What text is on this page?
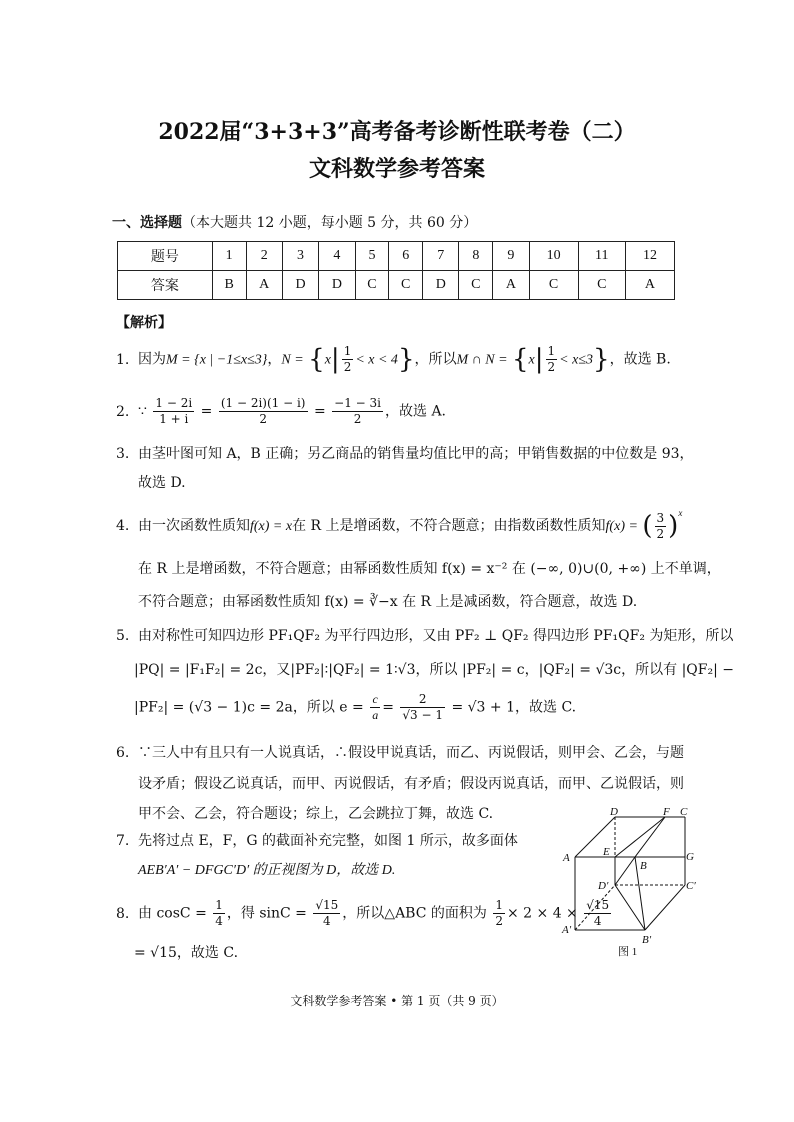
2022届“3+3+3”高考备考诊断性联考卷（二）
文科数学参考答案
一、选择题（本大题共 12 小题，每小题 5 分，共 60 分）
题号	1	2	3	4	5	6	7	8	9	10	11	12
答案	B	A	D	D	C	C	D	C	A	C	C	A
【解析】
1. 因为M = {x | −1≤x≤3}，$N = \{x| \frac{1}{2} < x < 4\}$，所以M ∩ $N = \{x| \frac{1}{2} < x\le 3\}$，故选 B.
2. ∵ $\frac{1 - 2i}{1 + i} = \frac{(1 - 2i)(1 - i)}{2} = \frac{-1 - 3i}{2}$ ，故选 A.
3. 由茎叶图可知 A，B 正确；另乙商品的销售量均值比甲的高；甲销售数据的中位数是 93，
故选 D.
4. 由一次函数性质知f(x) = x在 R 上是增函数，不符合题意；由指数函数性质知f(x) = ( $\frac{3}{2} )^x$
在 R 上是增函数，不符合题意；由幂函数性质知 f(x) = x⁻² 在 (−∞, 0)∪(0, +∞) 上不单调，
不符合题意；由幂函数性质知 f(x) = ∛−x 在 R 上是减函数，符合题意，故选 D.
5. 由对称性可知四边形 PF₁QF₂ 为平行四边形，又由 PF₂ ⊥ QF₂ 得四边形 PF₁QF₂ 为矩形，所以
|PQ| = |F₁F₂| = 2c，又|PF₂|∶|QF₂| = 1∶√3，所以 |PF₂| = c，|QF₂| = √3c，所以有 |QF₂| −
|PF₂| = (√3 − 1)c = 2a，所以 $e = \frac{c}{a} = \frac{2}{√3 - 1} = √3 + 1$，故选 C.
6. ∵三人中有且只有一人说真话，∴假设甲说真话，而乙、丙说假话，则甲会、乙会，与题
设矛盾；假设乙说真话，而甲、丙说假话，有矛盾；假设丙说真话，而甲、乙说假话，则
甲不会、乙会，符合题设；综上，乙会跳拉丁舞，故选 C.
7. 先将过点 E，F，G 的截面补充完整，如图 1 所示，故多面体
AEB′A′ − DFGC′D′ 的正视图为 D，故选 D.
8. 由 $\cos C = \frac{1}{4}$ ，得 $\sin C = \frac{√15}{4}$ ，所以△ABC 的面积为 $\frac{1}{2} \times 2 \times 4 \times \frac{√15}{4}$
= √15，故选 C.
D	F C
A	E	G
B
D′	C′
A′
B′
图 1
文科数学参考答案 • 第 1 页（共 9 页）
